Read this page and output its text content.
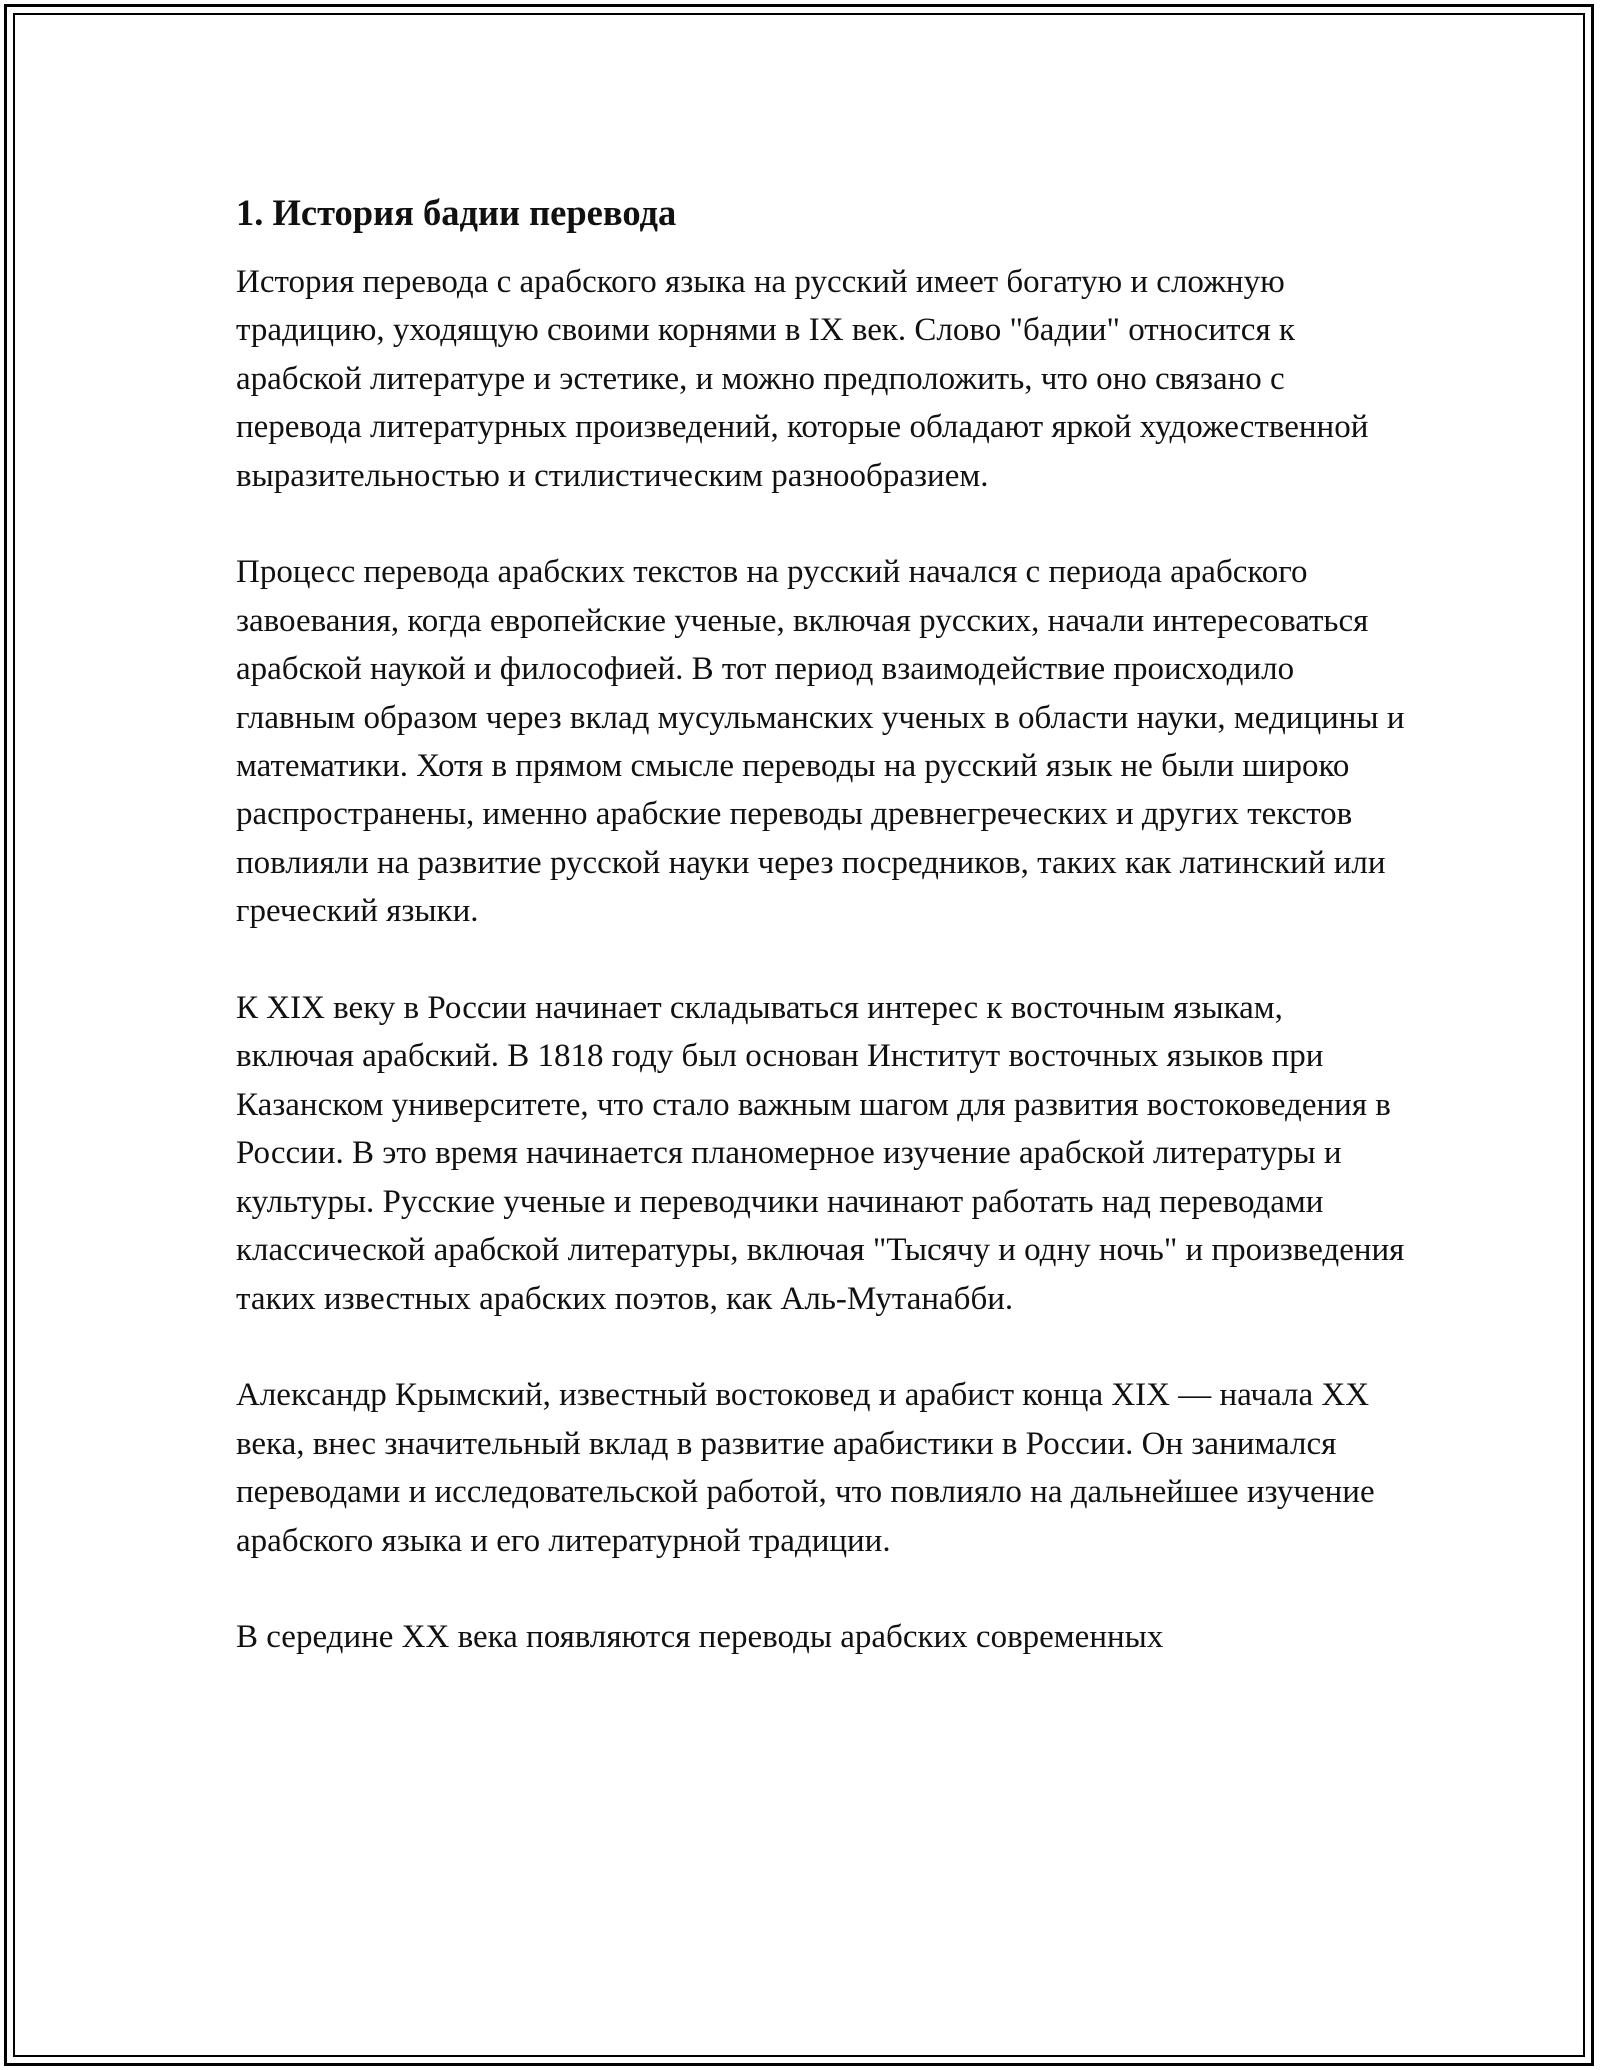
1. История бадии перевода

История перевода с арабского языка на русский имеет богатую и сложную традицию, уходящую своими корнями в IX век. Слово "бадии" относится к арабской литературе и эстетике, и можно предположить, что оно связано с перевода литературных произведений, которые обладают яркой художественной выразительностью и стилистическим разнообразием.

Процесс перевода арабских текстов на русский начался с периода арабского завоевания, когда европейские ученые, включая русских, начали интересоваться арабской наукой и философией. В тот период взаимодействие происходило главным образом через вклад мусульманских ученых в области науки, медицины и математики. Хотя в прямом смысле переводы на русский язык не были широко распространены, именно арабские переводы древнегреческих и других текстов повлияли на развитие русской науки через посредников, таких как латинский или греческий языки.

К XIX веку в России начинает складываться интерес к восточным языкам, включая арабский. В 1818 году был основан Институт восточных языков при Казанском университете, что стало важным шагом для развития востоковедения в России. В это время начинается планомерное изучение арабской литературы и культуры. Русские ученые и переводчики начинают работать над переводами классической арабской литературы, включая "Тысячу и одну ночь" и произведения таких известных арабских поэтов, как Аль-Мутанабби.

Александр Крымский, известный востоковед и арабист конца XIX — начала XX века, внес значительный вклад в развитие арабистики в России. Он занимался переводами и исследовательской работой, что повлияло на дальнейшее изучение арабского языка и его литературной традиции.

В середине XX века появляются переводы арабских современных
